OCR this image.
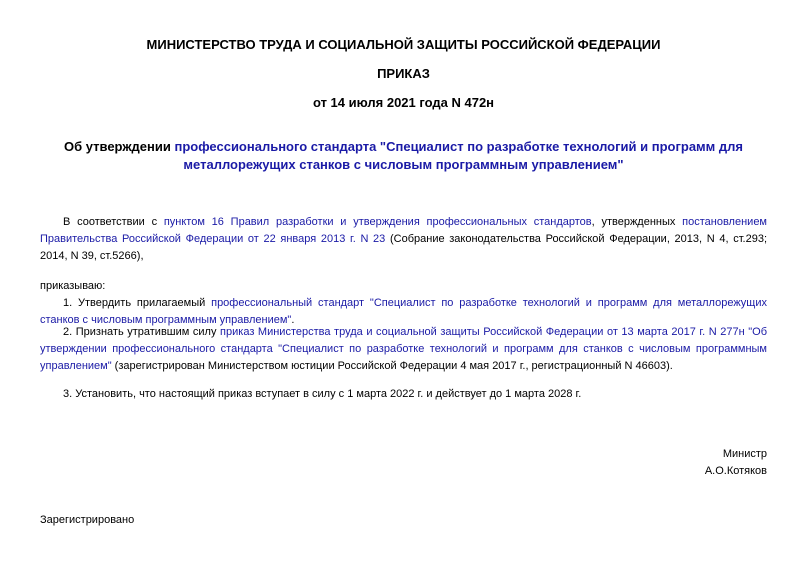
МИНИСТЕРСТВО ТРУДА И СОЦИАЛЬНОЙ ЗАЩИТЫ РОССИЙСКОЙ ФЕДЕРАЦИИ
ПРИКАЗ
от 14 июля 2021 года N 472н
Об утверждении профессионального стандарта "Специалист по разработке технологий и программ для металлорежущих станков с числовым программным управлением"
В соответствии с пунктом 16 Правил разработки и утверждения профессиональных стандартов, утвержденных постановлением Правительства Российской Федерации от 22 января 2013 г. N 23 (Собрание законодательства Российской Федерации, 2013, N 4, ст.293; 2014, N 39, ст.5266),
приказываю:
1. Утвердить прилагаемый профессиональный стандарт "Специалист по разработке технологий и программ для металлорежущих станков с числовым программным управлением".
2. Признать утратившим силу приказ Министерства труда и социальной защиты Российской Федерации от 13 марта 2017 г. N 277н "Об утверждении профессионального стандарта "Специалист по разработке технологий и программ для станков с числовым программным управлением" (зарегистрирован Министерством юстиции Российской Федерации 4 мая 2017 г., регистрационный N 46603).
3. Установить, что настоящий приказ вступает в силу с 1 марта 2022 г. и действует до 1 марта 2028 г.
Министр
А.О.Котяков
Зарегистрировано
